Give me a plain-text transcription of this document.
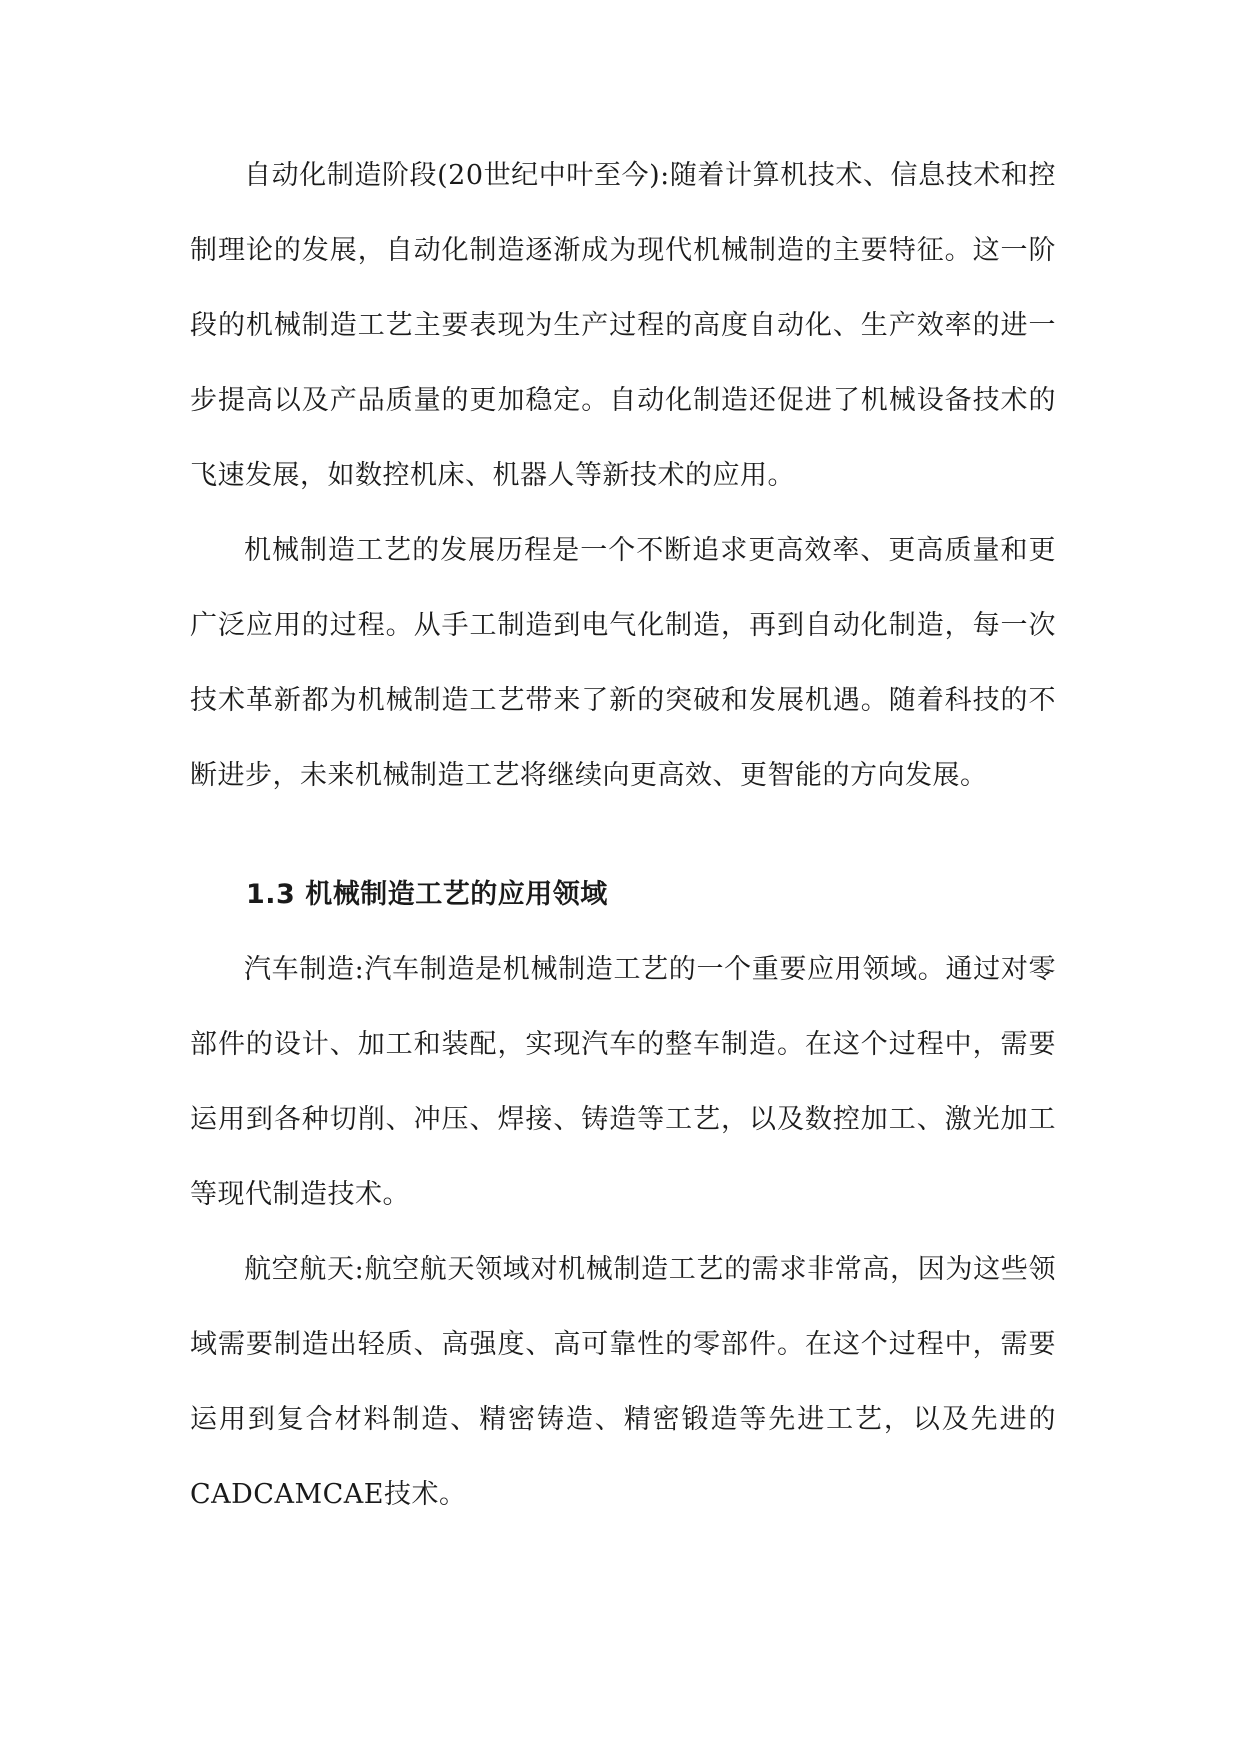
自动化制造阶段(20世纪中叶至今):随着计算机技术、信息技术和控制理论的发展，自动化制造逐渐成为现代机械制造的主要特征。这一阶段的机械制造工艺主要表现为生产过程的高度自动化、生产效率的进一步提高以及产品质量的更加稳定。自动化制造还促进了机械设备技术的飞速发展，如数控机床、机器人等新技术的应用。

机械制造工艺的发展历程是一个不断追求更高效率、更高质量和更广泛应用的过程。从手工制造到电气化制造，再到自动化制造，每一次技术革新都为机械制造工艺带来了新的突破和发展机遇。随着科技的不断进步，未来机械制造工艺将继续向更高效、更智能的方向发展。

1.3 机械制造工艺的应用领域

汽车制造:汽车制造是机械制造工艺的一个重要应用领域。通过对零部件的设计、加工和装配，实现汽车的整车制造。在这个过程中，需要运用到各种切削、冲压、焊接、铸造等工艺，以及数控加工、激光加工等现代制造技术。

航空航天:航空航天领域对机械制造工艺的需求非常高，因为这些领域需要制造出轻质、高强度、高可靠性的零部件。在这个过程中，需要运用到复合材料制造、精密铸造、精密锻造等先进工艺，以及先进的CADCAMCAE技术。
